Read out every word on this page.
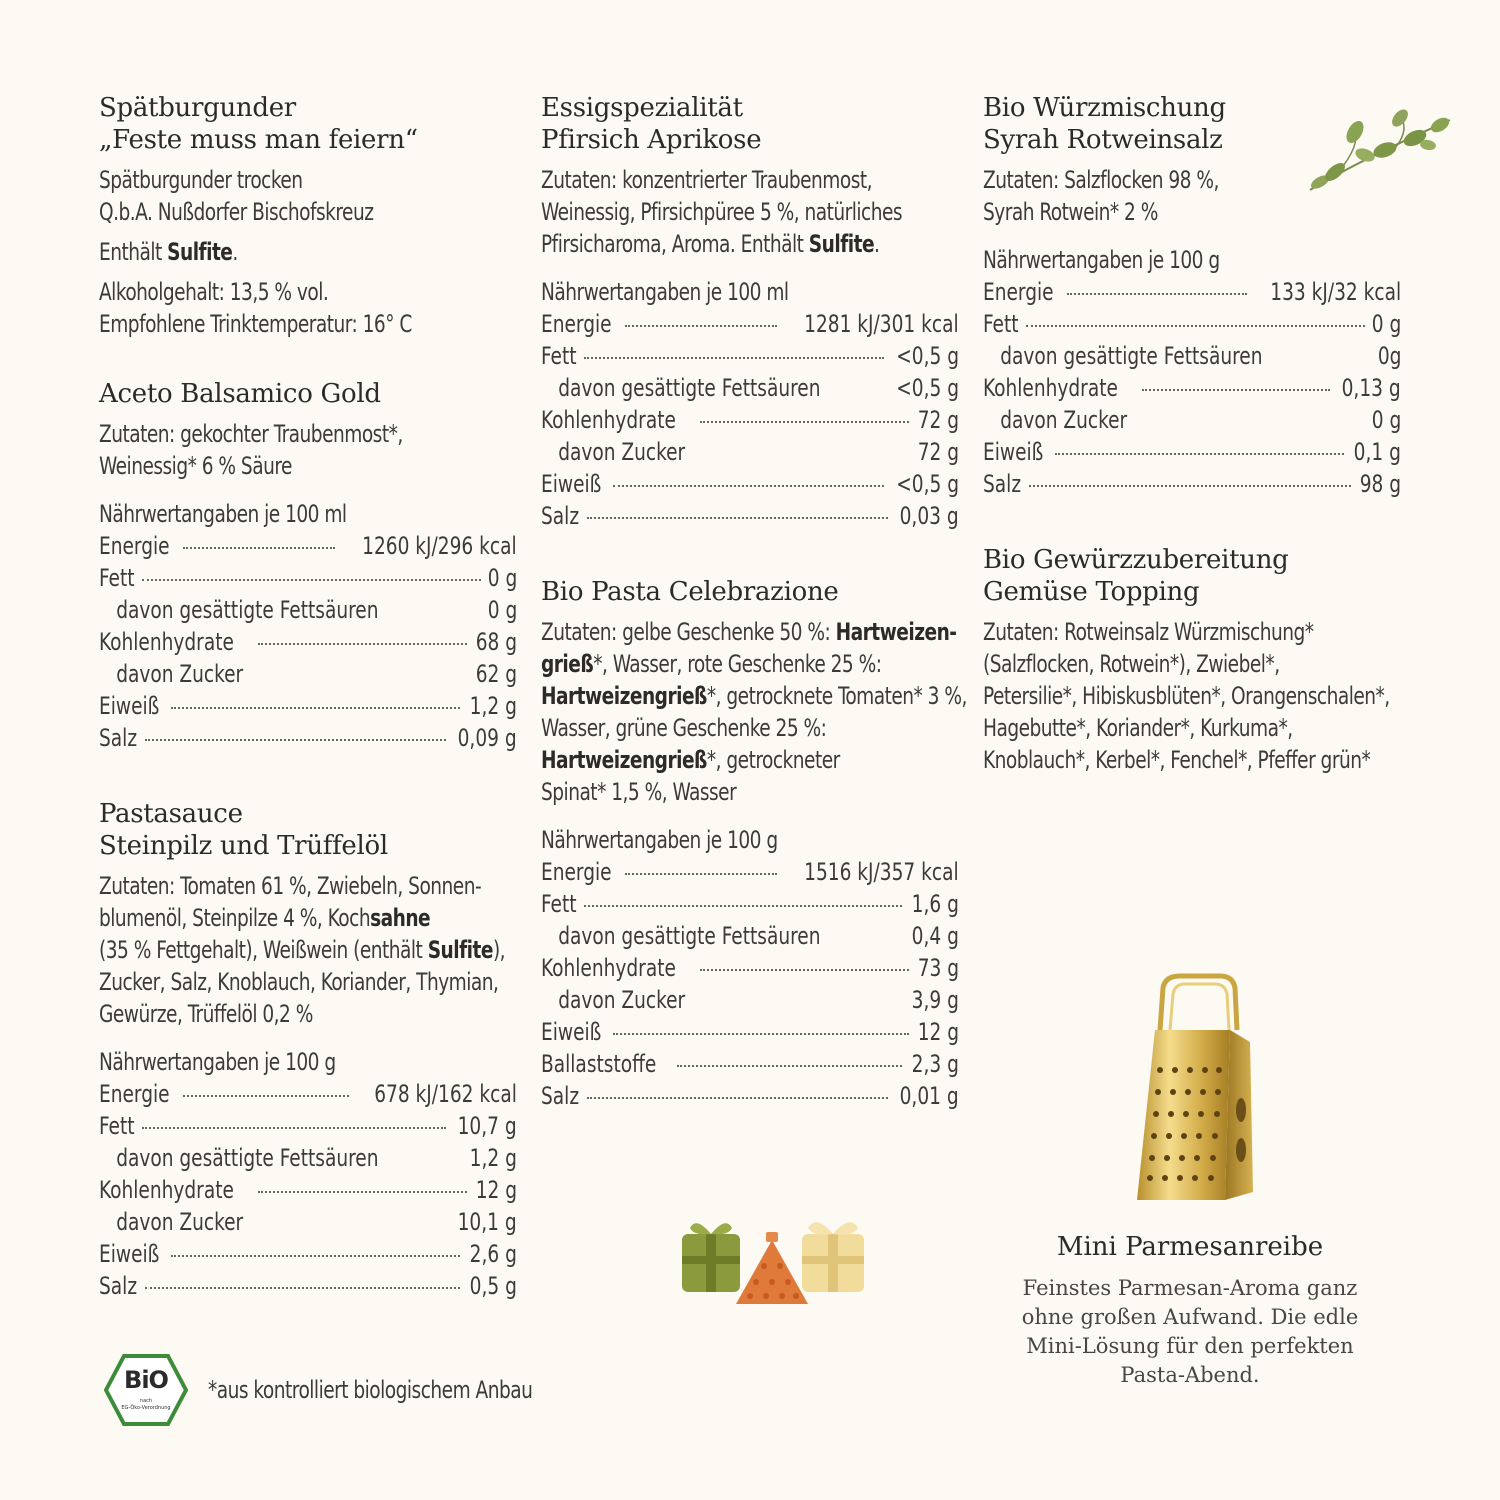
Spätburgunder
„Feste muss man feiern“

Spätburgunder trocken

Q.b.A. Nußdorfer Bischofskreuz

Enthält Sulfite.

Alkoholgehalt: 13,5 % vol.

Empfohlene Trinktemperatur: 16° C

Aceto Balsamico Gold

Zutaten: gekochter Traubenmost*,

Weinessig* 6 % Säure

Nährwertangaben je 100 ml

Energie	1260 kJ/296 kcal
Fett	0 g
davon gesättigte Fettsäuren	0 g
Kohlenhydrate	68 g
davon Zucker	62 g
Eiweiß	1,2 g
Salz	0,09 g
Pastasauce
Steinpilz und Trüffelöl

Zutaten: Tomaten 61 %, Zwiebeln, Sonnen-

blumenöl, Steinpilze 4 %, Kochsahne

(35 % Fettgehalt), Weißwein (enthält Sulfite),

Zucker, Salz, Knoblauch, Koriander, Thymian,

Gewürze, Trüffelöl 0,2 %

Nährwertangaben je 100 g

Energie	678 kJ/162 kcal
Fett	10,7 g
davon gesättigte Fettsäuren	1,2 g
Kohlenhydrate	12 g
davon Zucker	10,1 g
Eiweiß	2,6 g
Salz	0,5 g
Essigspezialität
Pfirsich Aprikose

Zutaten: konzentrierter Traubenmost,

Weinessig, Pfirsichpüree 5 %, natürliches

Pfirsicharoma, Aroma. Enthält Sulfite.

Nährwertangaben je 100 ml

Energie	1281 kJ/301 kcal
Fett	<0,5 g
davon gesättigte Fettsäuren	<0,5 g
Kohlenhydrate	72 g
davon Zucker	72 g
Eiweiß	<0,5 g
Salz	0,03 g
Bio Pasta Celebrazione

Zutaten: gelbe Geschenke 50 %: Hartweizen-

grieß*, Wasser, rote Geschenke 25 %:

Hartweizengrieß*, getrocknete Tomaten* 3 %,

Wasser, grüne Geschenke 25 %:

Hartweizengrieß*, getrockneter

Spinat* 1,5 %, Wasser

Nährwertangaben je 100 g

Energie	1516 kJ/357 kcal
Fett	1,6 g
davon gesättigte Fettsäuren	0,4 g
Kohlenhydrate	73 g
davon Zucker	3,9 g
Eiweiß	12 g
Ballaststoffe	2,3 g
Salz	0,01 g
Bio Würzmischung
Syrah Rotweinsalz

Zutaten: Salzflocken 98 %,

Syrah Rotwein* 2 %

Nährwertangaben je 100 g

Energie	133 kJ/32 kcal
Fett	0 g
davon gesättigte Fettsäuren	0g
Kohlenhydrate	0,13 g
davon Zucker	0 g
Eiweiß	0,1 g
Salz	98 g
Bio Gewürzzubereitung
Gemüse Topping

Zutaten: Rotweinsalz Würzmischung*

(Salzflocken, Rotwein*), Zwiebel*,

Petersilie*, Hibiskusblüten*, Orangenschalen*,

Hagebutte*, Koriander*, Kurkuma*,

Knoblauch*, Kerbel*, Fenchel*, Pfeffer grün*

Mini Parmesanreibe
Feinstes Parmesan-Aroma ganz
ohne großen Aufwand. Die edle
Mini-Lösung für den perfekten
Pasta-Abend.
BiO
nach
EG-Öko-Verordnung
*aus kontrolliert biologischem Anbau
